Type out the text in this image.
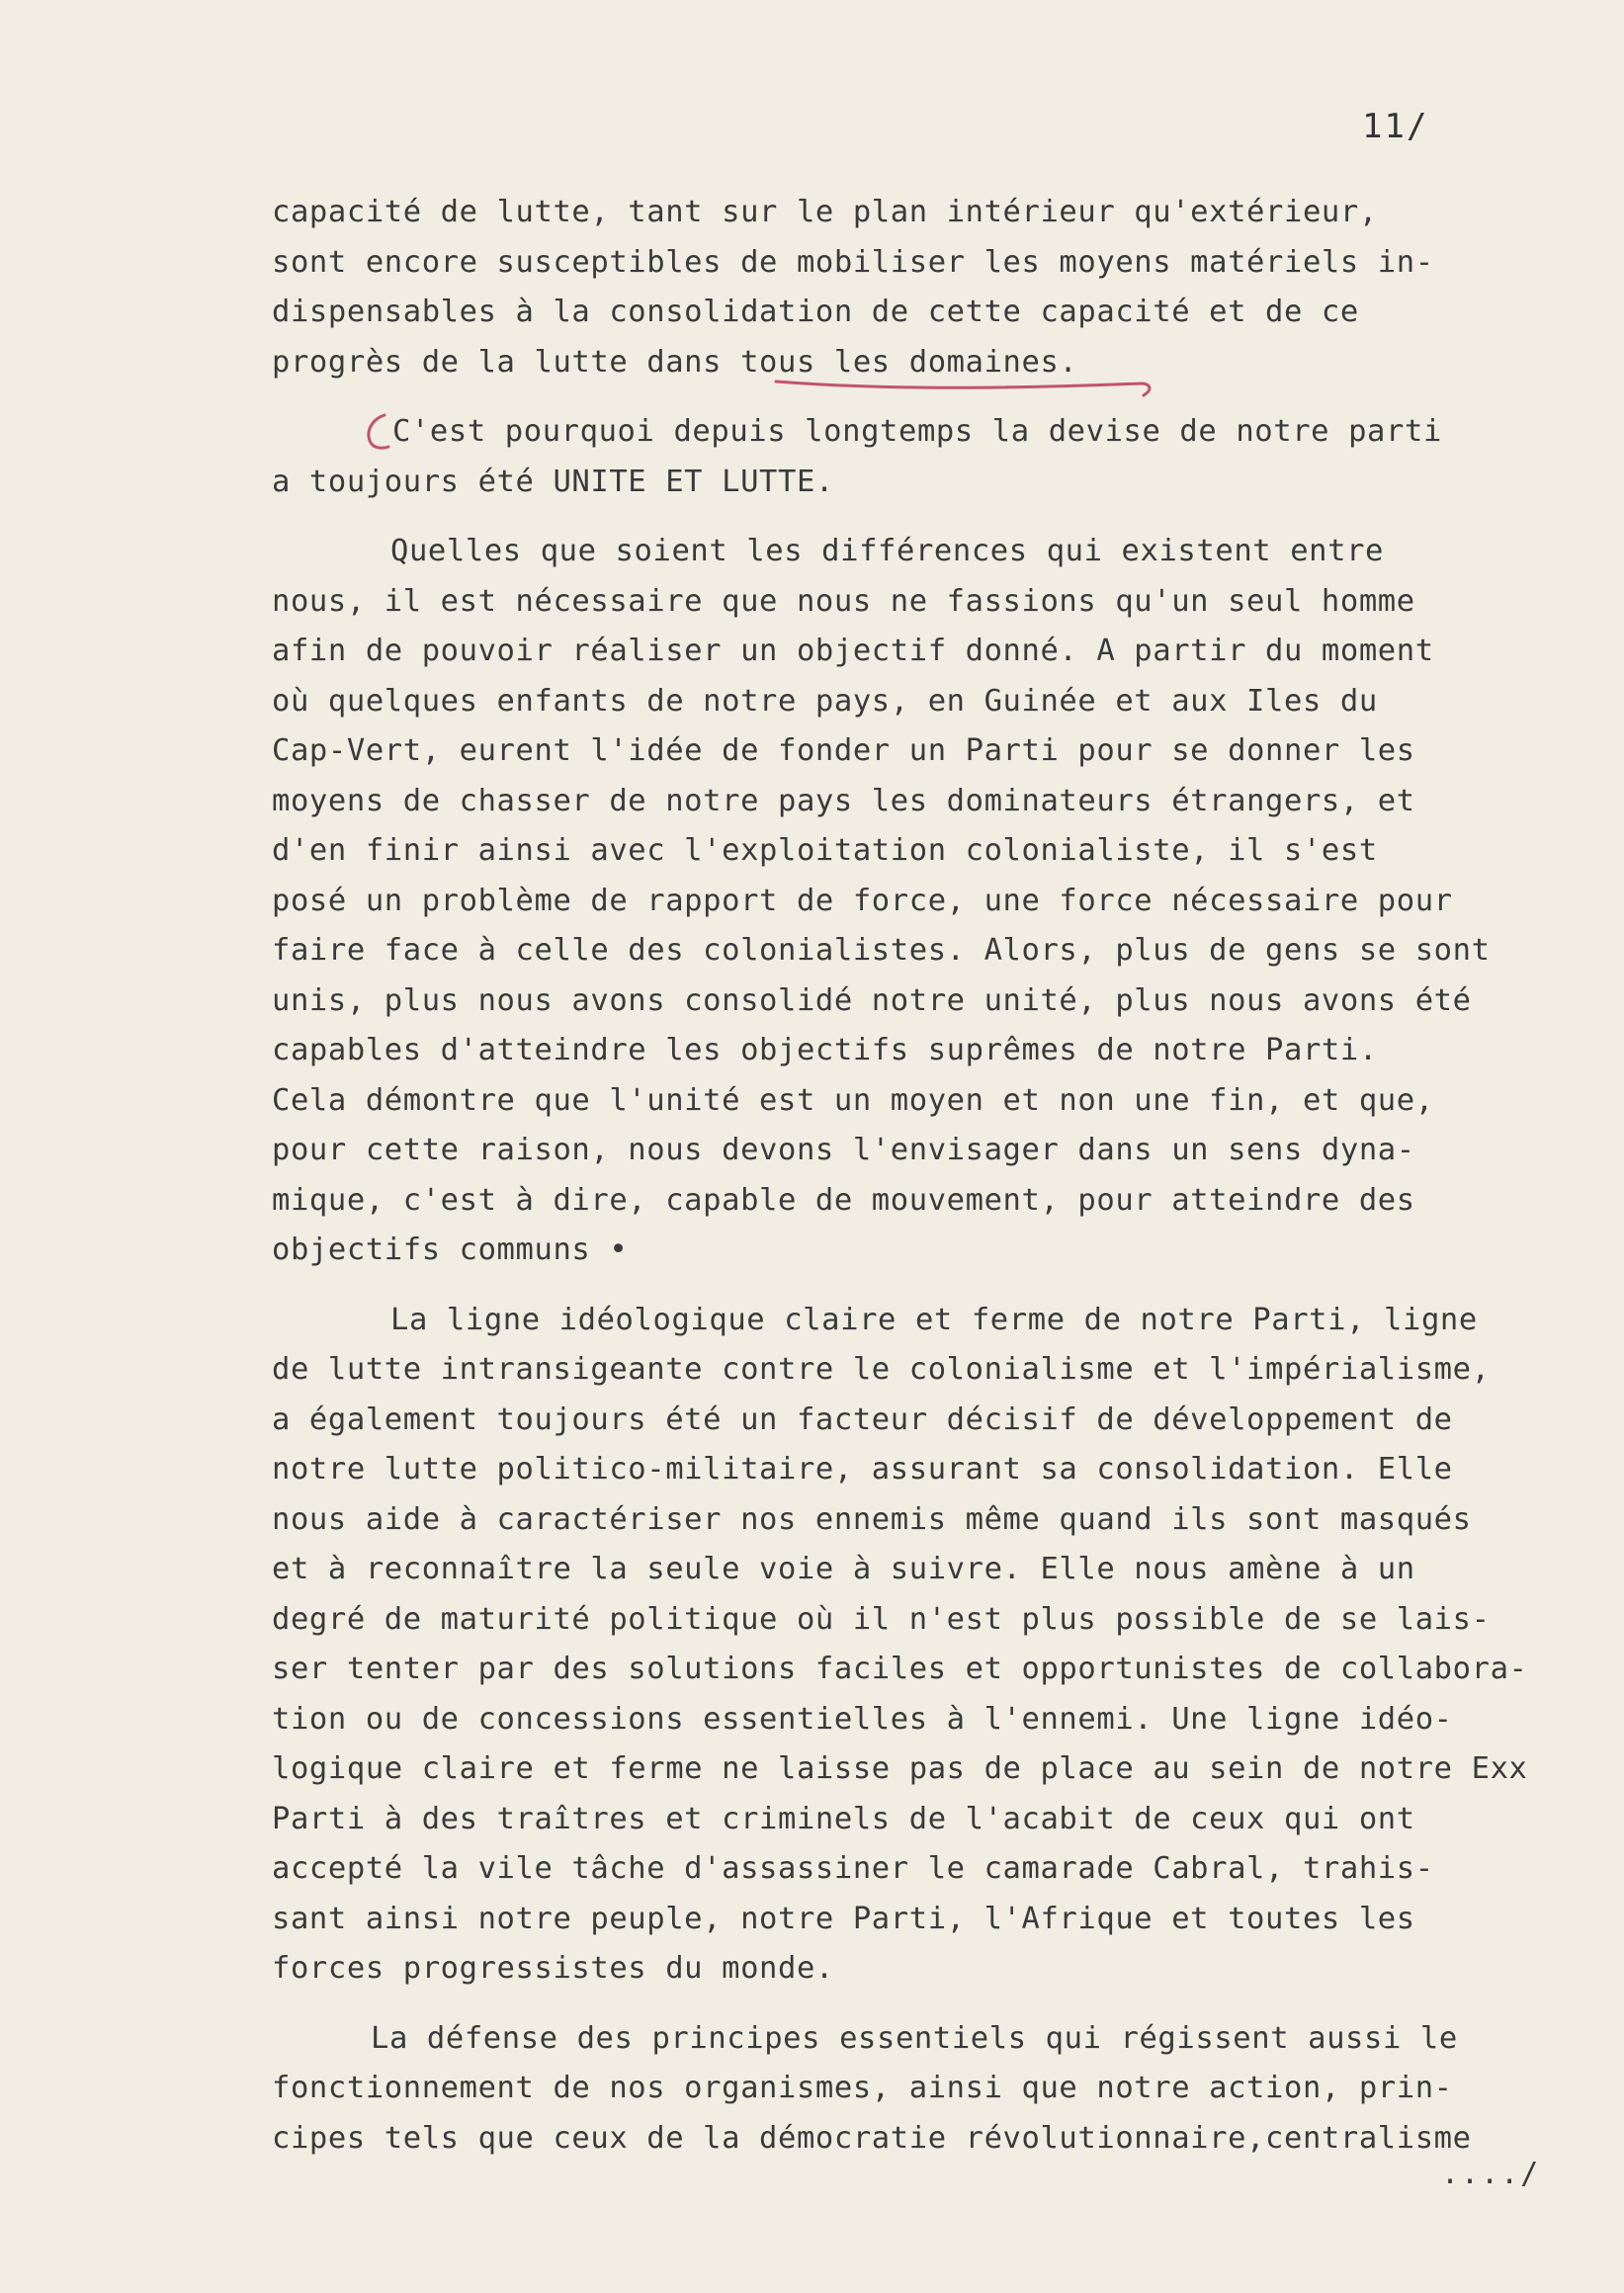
11/

capacité de lutte, tant sur le plan intérieur qu'extérieur,
sont encore susceptibles de mobiliser les moyens matériels in-
dispensables à la consolidation de cette capacité et de ce
progrès de la lutte dans tous les domaines.

C'est pourquoi depuis longtemps la devise de notre parti
a toujours été UNITE ET LUTTE.

Quelles que soient les différences qui existent entre
nous, il est nécessaire que nous ne fassions qu'un seul homme
afin de pouvoir réaliser un objectif donné. A partir du moment
où quelques enfants de notre pays, en Guinée et aux Iles du
Cap-Vert, eurent l'idée de fonder un Parti pour se donner les
moyens de chasser de notre pays les dominateurs étrangers, et
d'en finir ainsi avec l'exploitation colonialiste, il s'est
posé un problème de rapport de force, une force nécessaire pour
faire face à celle des colonialistes. Alors, plus de gens se sont
unis, plus nous avons consolidé notre unité, plus nous avons été
capables d'atteindre les objectifs suprêmes de notre Parti.
Cela démontre que l'unité est un moyen et non une fin, et que,
pour cette raison, nous devons l'envisager dans un sens dyna-
mique, c'est à dire, capable de mouvement, pour atteindre des
objectifs communs •

La ligne idéologique claire et ferme de notre Parti, ligne
de lutte intransigeante contre le colonialisme et l'impérialisme,
a également toujours été un facteur décisif de développement de
notre lutte politico-militaire, assurant sa consolidation. Elle
nous aide à caractériser nos ennemis même quand ils sont masqués
et à reconnaître la seule voie à suivre. Elle nous amène à un
degré de maturité politique où il n'est plus possible de se lais-
ser tenter par des solutions faciles et opportunistes de collabora-
tion ou de concessions essentielles à l'ennemi. Une ligne idéo-
logique claire et ferme ne laisse pas de place au sein de notre Exx
Parti à des traîtres et criminels de l'acabit de ceux qui ont
accepté la vile tâche d'assassiner le camarade Cabral, trahis-
sant ainsi notre peuple, notre Parti, l'Afrique et toutes les
forces progressistes du monde.

La défense des principes essentiels qui régissent aussi le
fonctionnement de nos organismes, ainsi que notre action, prin-
cipes tels que ceux de la démocratie révolutionnaire,centralisme

..../
